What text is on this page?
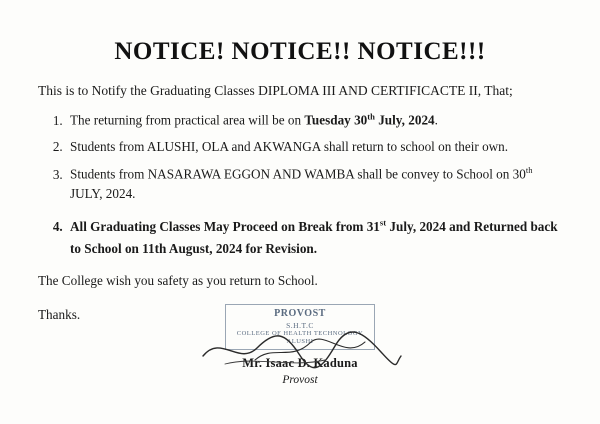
NOTICE! NOTICE!! NOTICE!!!

This is to Notify the Graduating Classes DIPLOMA III AND CERTIFICACTE II, That;

1. The returning from practical area will be on Tuesday 30th July, 2024.
2. Students from ALUSHI, OLA and AKWANGA shall return to school on their own.
3. Students from NASARAWA EGGON AND WAMBA shall be convey to School on 30th JULY, 2024.
4. All Graduating Classes May Proceed on Break from 31st July, 2024 and Returned back
to School on 11th August, 2024 for Revision.

The College wish you safety as you return to School.

Thanks.	PROVOST
S.H.T.C
COLLEGE OF HEALTH TECHNOLOGY
ALUSHI
Mr. Isaac D. Kaduna
Provost
